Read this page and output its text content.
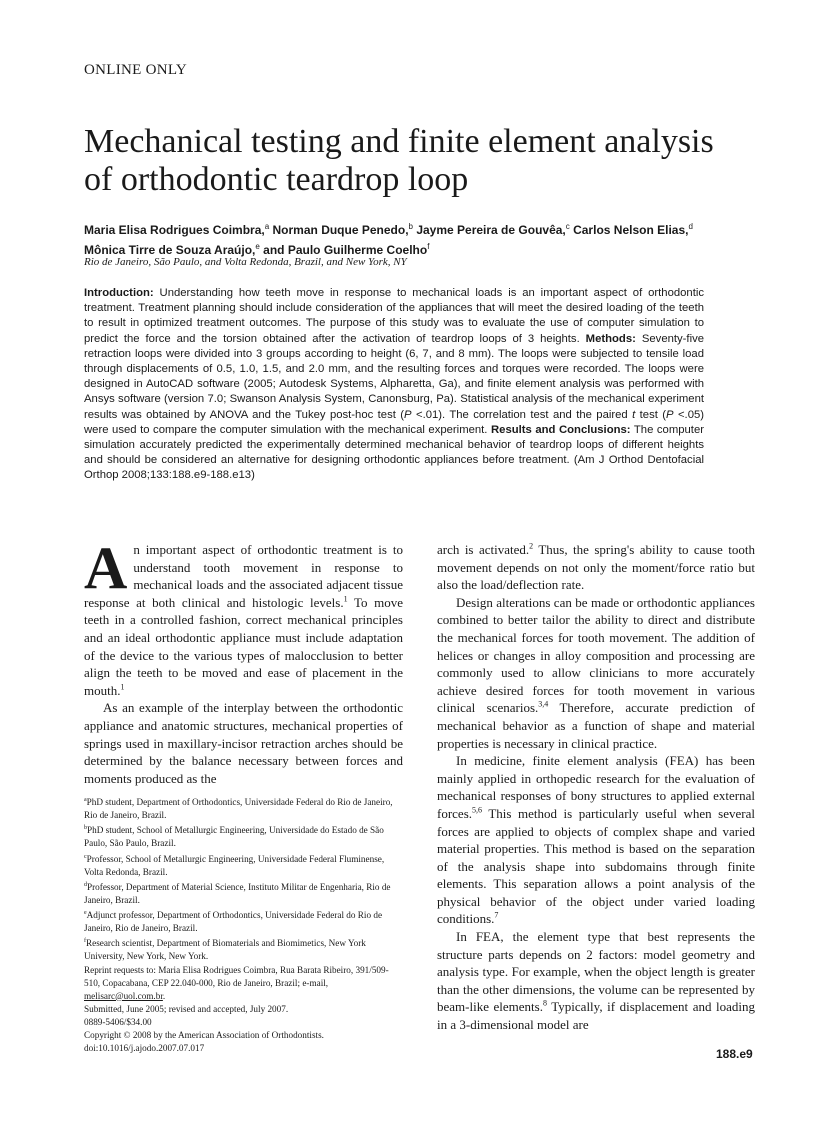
ONLINE ONLY
Mechanical testing and finite element analysis
of orthodontic teardrop loop
Maria Elisa Rodrigues Coimbra,$^a$ Norman Duque Penedo,$^b$ Jayme Pereira de Gouvêa,$^c$ Carlos Nelson Elias,$^d$
Mônica Tirre de Souza Araújo,$^e$ and Paulo Guilherme Coelho$^f$
Rio de Janeiro, São Paulo, and Volta Redonda, Brazil, and New York, NY
Introduction: Understanding how teeth move in response to mechanical loads is an important aspect of orthodontic treatment. Treatment planning should include consideration of the appliances that will meet the desired loading of the teeth to result in optimized treatment outcomes. The purpose of this study was to evaluate the use of computer simulation to predict the force and the torsion obtained after the activation of teardrop loops of 3 heights. Methods: Seventy-five retraction loops were divided into 3 groups according to height (6, 7, and 8 mm). The loops were subjected to tensile load through displacements of 0.5, 1.0, 1.5, and 2.0 mm, and the resulting forces and torques were recorded. The loops were designed in AutoCAD software (2005; Autodesk Systems, Alpharetta, Ga), and finite element analysis was performed with Ansys software (version 7.0; Swanson Analysis System, Canonsburg, Pa). Statistical analysis of the mechanical experiment results was obtained by ANOVA and the Tukey post-hoc test (P <.01). The correlation test and the paired t test (P <.05) were used to compare the computer simulation with the mechanical experiment. Results and Conclusions: The computer simulation accurately predicted the experimentally determined mechanical behavior of teardrop loops of different heights and should be considered an alternative for designing orthodontic appliances before treatment. (Am J Orthod Dentofacial Orthop 2008;133:188.e9-188.e13)

An important aspect of orthodontic treatment is to understand tooth movement in response to mechanical loads and the associated adjacent tissue response at both clinical and histologic levels.$^1$ To move teeth in a controlled fashion, correct mechanical principles and an ideal orthodontic appliance must include adaptation of the device to the various types of malocclusion to better align the teeth to be moved and ease of placement in the mouth.$^1$

As an example of the interplay between the orthodontic appliance and anatomic structures, mechanical properties of springs used in maxillary-incisor retraction arches should be determined by the balance necessary between forces and moments produced as the

$^a$PhD student, Department of Orthodontics, Universidade Federal do Rio de Janeiro, Rio de Janeiro, Brazil.
$^b$PhD student, School of Metallurgic Engineering, Universidade do Estado de São Paulo, São Paulo, Brazil.
$^c$Professor, School of Metallurgic Engineering, Universidade Federal Fluminense, Volta Redonda, Brazil.
$^d$Professor, Department of Material Science, Instituto Militar de Engenharia, Rio de Janeiro, Brazil.
$^e$Adjunct professor, Department of Orthodontics, Universidade Federal do Rio de Janeiro, Rio de Janeiro, Brazil.
$^f$Research scientist, Department of Biomaterials and Biomimetics, New York University, New York, New York.
Reprint requests to: Maria Elisa Rodrigues Coimbra, Rua Barata Ribeiro, 391/509-510, Copacabana, CEP 22.040-000, Rio de Janeiro, Brazil; e-mail, melisarc@uol.com.br.
Submitted, June 2005; revised and accepted, July 2007.
0889-5406/$34.00
Copyright © 2008 by the American Association of Orthodontists.
doi:10.1016/j.ajodo.2007.07.017

arch is activated.$^2$ Thus, the spring's ability to cause tooth movement depends on not only the moment/force ratio but also the load/deflection rate.

Design alterations can be made or orthodontic appliances combined to better tailor the ability to direct and distribute the mechanical forces for tooth movement. The addition of helices or changes in alloy composition and processing are commonly used to allow clinicians to more accurately achieve desired forces for tooth movement in various clinical scenarios.$^{3,4}$ Therefore, accurate prediction of mechanical behavior as a function of shape and material properties is necessary in clinical practice.

In medicine, finite element analysis (FEA) has been mainly applied in orthopedic research for the evaluation of mechanical responses of bony structures to applied external forces.$^{5,6}$ This method is particularly useful when several forces are applied to objects of complex shape and varied material properties. This method is based on the separation of the analysis shape into subdomains through finite elements. This separation allows a point analysis of the physical behavior of the object under varied loading conditions.$^7$

In FEA, the element type that best represents the structure parts depends on 2 factors: model geometry and analysis type. For example, when the object length is greater than the other dimensions, the volume can be represented by beam-like elements.$^8$ Typically, if displacement and loading in a 3-dimensional model are

188.e9
